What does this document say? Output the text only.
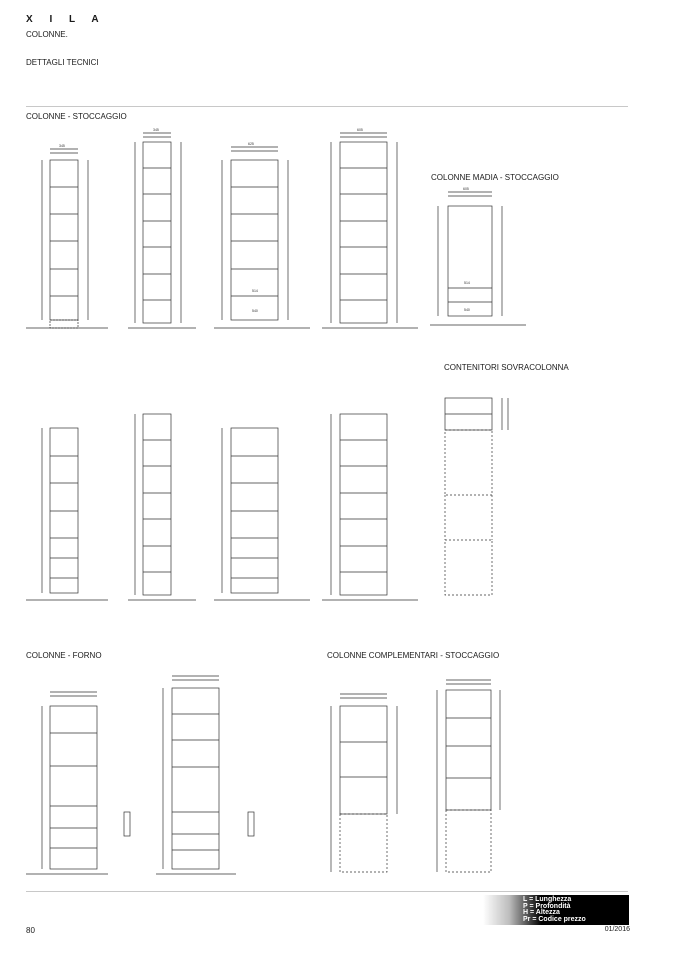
X I L A
COLONNE.
DETTAGLI TECNICI
COLONNE - STOCCAGGIO
COLONNE MADIA - STOCCAGGIO
CONTENITORI SOVRACOLONNA
COLONNE - FORNO	COLONNE COMPLEMENTARI - STOCCAGGIO
345
345
625
605
605
514
540
514
540
L = Lunghezza
P = Profondità
H = Altezza
Pr = Codice prezzo
80	01/2016
